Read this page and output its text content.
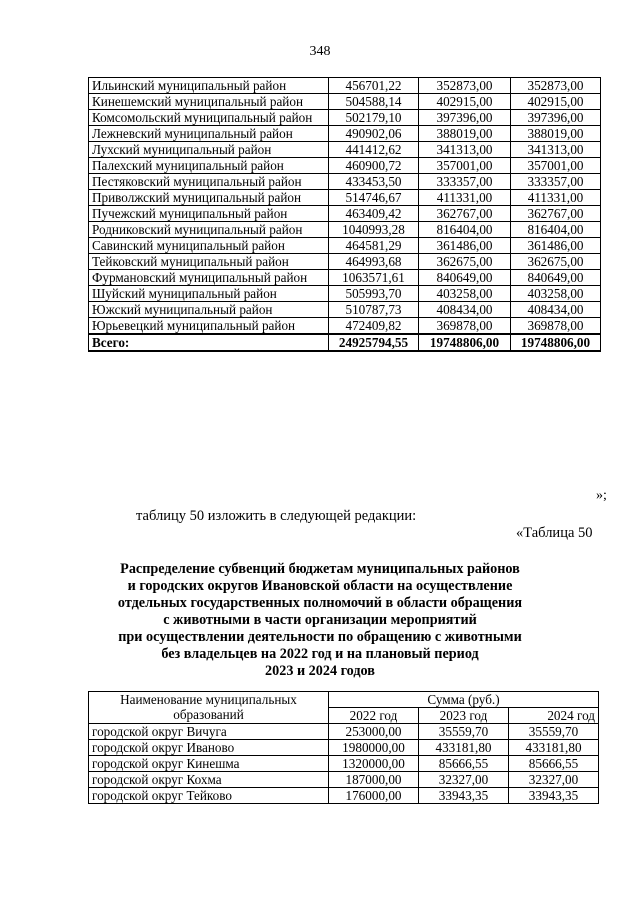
348
Ильинский муниципальный район	456701,22	352873,00	352873,00
Кинешемский муниципальный район	504588,14	402915,00	402915,00
Комсомольский муниципальный район	502179,10	397396,00	397396,00
Лежневский муниципальный район	490902,06	388019,00	388019,00
Лухский муниципальный район	441412,62	341313,00	341313,00
Палехский муниципальный район	460900,72	357001,00	357001,00
Пестяковский муниципальный район	433453,50	333357,00	333357,00
Приволжский муниципальный район	514746,67	411331,00	411331,00
Пучежский муниципальный район	463409,42	362767,00	362767,00
Родниковский муниципальный район	1040993,28	816404,00	816404,00
Савинский муниципальный район	464581,29	361486,00	361486,00
Тейковский муниципальный район	464993,68	362675,00	362675,00
Фурмановский муниципальный район	1063571,61	840649,00	840649,00
Шуйский муниципальный район	505993,70	403258,00	403258,00
Южский муниципальный район	510787,73	408434,00	408434,00
Юрьевецкий муниципальный район	472409,82	369878,00	369878,00
Всего:	24925794,55	19748806,00	19748806,00
»;
таблицу 50 изложить в следующей редакции:
«Таблица 50
Распределение субвенций бюджетам муниципальных районов
и городских округов Ивановской области на осуществление
отдельных государственных полномочий в области обращения
с животными в части организации мероприятий
при осуществлении деятельности по обращению с животными
без владельцев на 2022 год и на плановый период
2023 и 2024 годов
Наименование муниципальных образований	Сумма (руб.)		
	2022 год	2023 год	2024 год
городской округ Вичуга	253000,00	35559,70	35559,70
городской округ Иваново	1980000,00	433181,80	433181,80
городской округ Кинешма	1320000,00	85666,55	85666,55
городской округ Кохма	187000,00	32327,00	32327,00
городской округ Тейково	176000,00	33943,35	33943,35
